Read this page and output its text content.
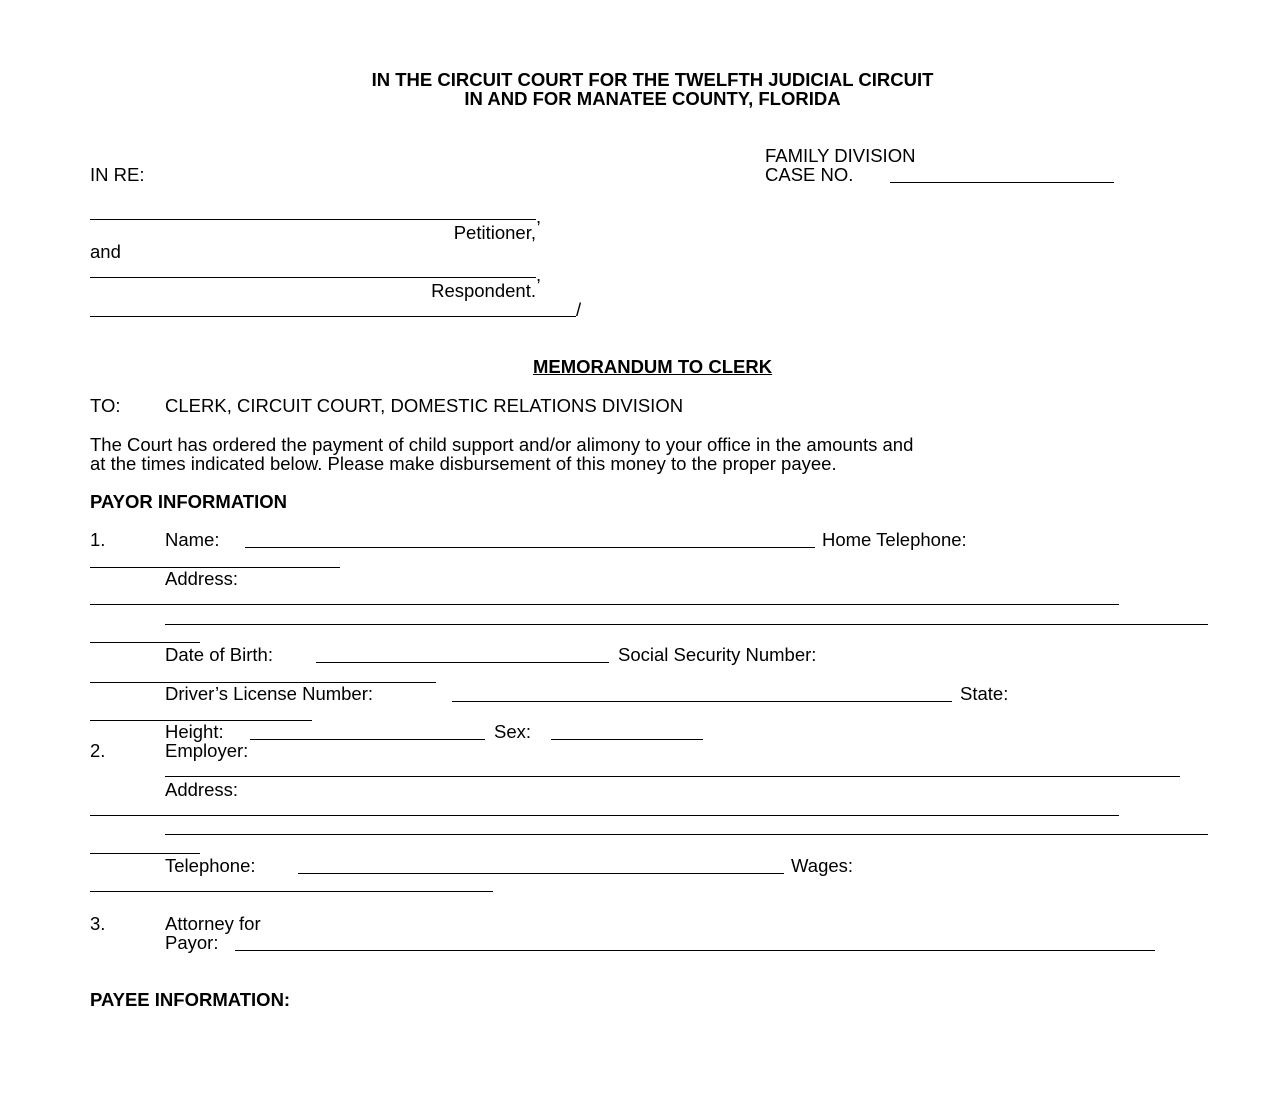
IN THE CIRCUIT COURT FOR THE TWELFTH JUDICIAL CIRCUIT
IN AND FOR MANATEE COUNTY, FLORIDA
FAMILY DIVISION
CASE NO.
IN RE:
,
Petitioner,
and
,
Respondent.
/
MEMORANDUM TO CLERK
TO: CLERK, CIRCUIT COURT, DOMESTIC RELATIONS DIVISION
The Court has ordered the payment of child support and/or alimony to your office in the amounts and
at the times indicated below. Please make disbursement of this money to the proper payee.
PAYOR INFORMATION
1.	Name:	Home Telephone:
Address:
Date of Birth:	Social Security Number:
Driver’s License Number:	State:
Height:	Sex:
2.	Employer:
Address:
Telephone:	Wages:
3.	Attorney for
Payor:
PAYEE INFORMATION:
